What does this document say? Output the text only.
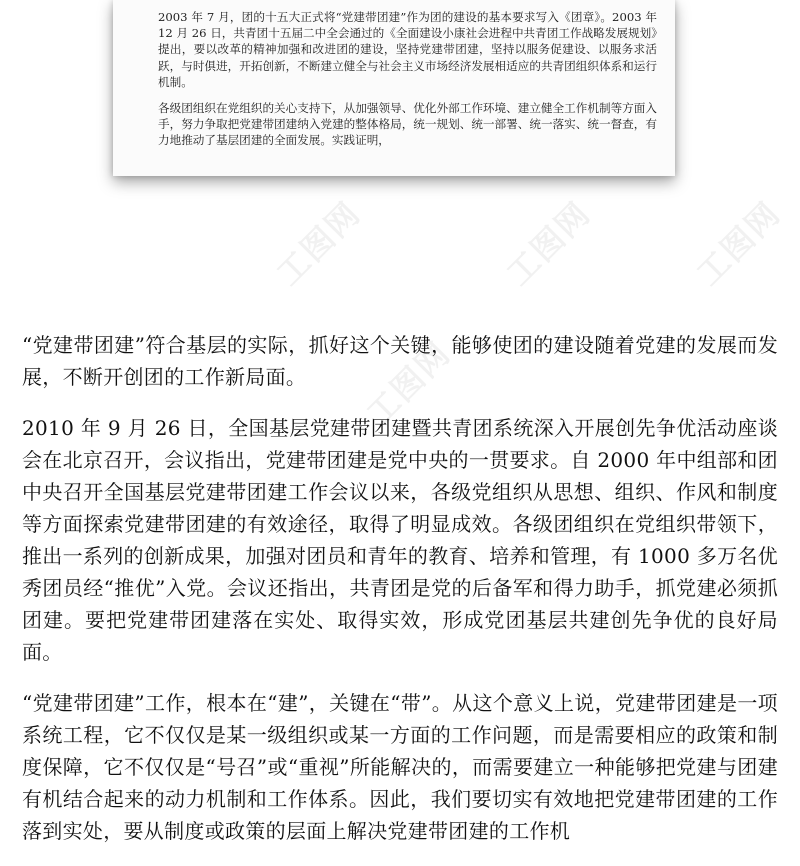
2003 年 7 月，团的十五大正式将“党建带团建”作为团的建设的基本要求写入《团章》。2003 年 12 月 26 日，共青团十五届二中全会通过的《全面建设小康社会进程中共青团工作战略发展规划》提出，要以改革的精神加强和改进团的建设，坚持党建带团建，坚持以服务促建设、以服务求活跃，与时俱进，开拓创新，不断建立健全与社会主义市场经济发展相适应的共青团组织体系和运行机制。

各级团组织在党组织的关心支持下，从加强领导、优化外部工作环境、建立健全工作机制等方面入手，努力争取把党建带团建纳入党建的整体格局，统一规划、统一部署、统一落实、统一督查，有力地推动了基层团建的全面发展。实践证明，

工图网	工图网	工图网
工图网

“党建带团建”符合基层的实际，抓好这个关键，能够使团的建设随着党建的发展而发展，不断开创团的工作新局面。

2010 年 9 月 26 日，全国基层党建带团建暨共青团系统深入开展创先争优活动座谈会在北京召开，会议指出，党建带团建是党中央的一贯要求。自 2000 年中组部和团中央召开全国基层党建带团建工作会议以来，各级党组织从思想、组织、作风和制度等方面探索党建带团建的有效途径，取得了明显成效。各级团组织在党组织带领下，推出一系列的创新成果，加强对团员和青年的教育、培养和管理，有 1000 多万名优秀团员经“推优”入党。会议还指出，共青团是党的后备军和得力助手，抓党建必须抓团建。要把党建带团建落在实处、取得实效，形成党团基层共建创先争优的良好局面。

“党建带团建”工作，根本在“建”，关键在“带”。从这个意义上说，党建带团建是一项系统工程，它不仅仅是某一级组织或某一方面的工作问题，而是需要相应的政策和制度保障，它不仅仅是“号召”或“重视”所能解决的，而需要建立一种能够把党建与团建有机结合起来的动力机制和工作体系。因此，我们要切实有效地把党建带团建的工作落到实处，要从制度或政策的层面上解决党建带团建的工作机
